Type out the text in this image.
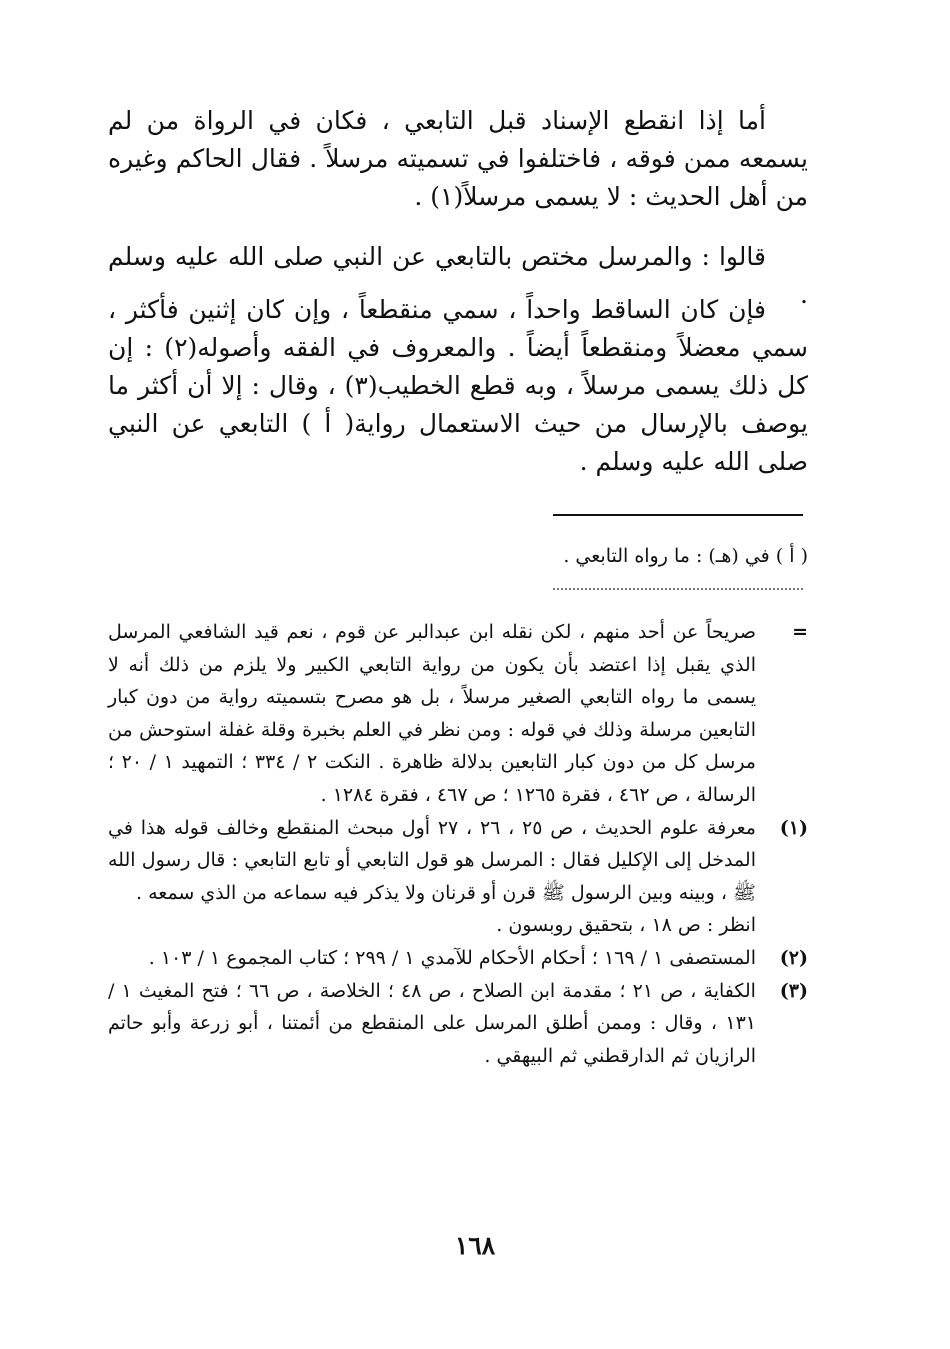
أما إذا انقطع الإسناد قبل التابعي ، فكان في الرواة من لم يسمعه ممن فوقه ، فاختلفوا في تسميته مرسلاً . فقال الحاكم وغيره من أهل الحديث : لا يسمى مرسلاً(١) .

قالوا : والمرسل مختص بالتابعي عن النبي صلى الله عليه وسلم .

فإن كان الساقط واحداً ، سمي منقطعاً ، وإن كان إثنين فأكثر ، سمي معضلاً ومنقطعاً أيضاً . والمعروف في الفقه وأصوله(٢) : إن كل ذلك يسمى مرسلاً ، وبه قطع الخطيب(٣) ، وقال : إلا أن أكثر ما يوصف بالإرسال من حيث الاستعمال رواية( أ ) التابعي عن النبي صلى الله عليه وسلم .

( أ ) في (هـ) : ما رواه التابعي .
=

صريحاً عن أحد منهم ، لكن نقله ابن عبدالبر عن قوم ، نعم قيد الشافعي المرسل الذي يقبل إذا اعتضد بأن يكون من رواية التابعي الكبير ولا يلزم من ذلك أنه لا يسمى ما رواه التابعي الصغير مرسلاً ، بل هو مصرح بتسميته رواية من دون كبار التابعين مرسلة وذلك في قوله : ومن نظر في العلم بخبرة وقلة غفلة استوحش من مرسل كل من دون كبار التابعين بدلالة ظاهرة . النكت ٢ / ٣٣٤ ؛ التمهيد ١ / ٢٠ ؛ الرسالة ، ص ٤٦٢ ، فقرة ١٢٦٥ ؛ ص ٤٦٧ ، فقرة ١٢٨٤ .

(١)

معرفة علوم الحديث ، ص ٢٥ ، ٢٦ ، ٢٧ أول مبحث المنقطع وخالف قوله هذا في المدخل إلى الإكليل فقال : المرسل هو قول التابعي أو تابع التابعي : قال رسول الله ﷺ ، وبينه وبين الرسول ﷺ قرن أو قرنان ولا يذكر فيه سماعه من الذي سمعه .

انظر : ص ١٨ ، بتحقيق روبسون .

(٢)

المستصفى ١ / ١٦٩ ؛ أحكام الأحكام للآمدي ١ / ٢٩٩ ؛ كتاب المجموع ١ / ١٠٣ .

(٣)

الكفاية ، ص ٢١ ؛ مقدمة ابن الصلاح ، ص ٤٨ ؛ الخلاصة ، ص ٦٦ ؛ فتح المغيث ١ / ١٣١ ، وقال : وممن أطلق المرسل على المنقطع من أئمتنا ، أبو زرعة وأبو حاتم الرازيان ثم الدارقطني ثم البيهقي .

١٦٨
